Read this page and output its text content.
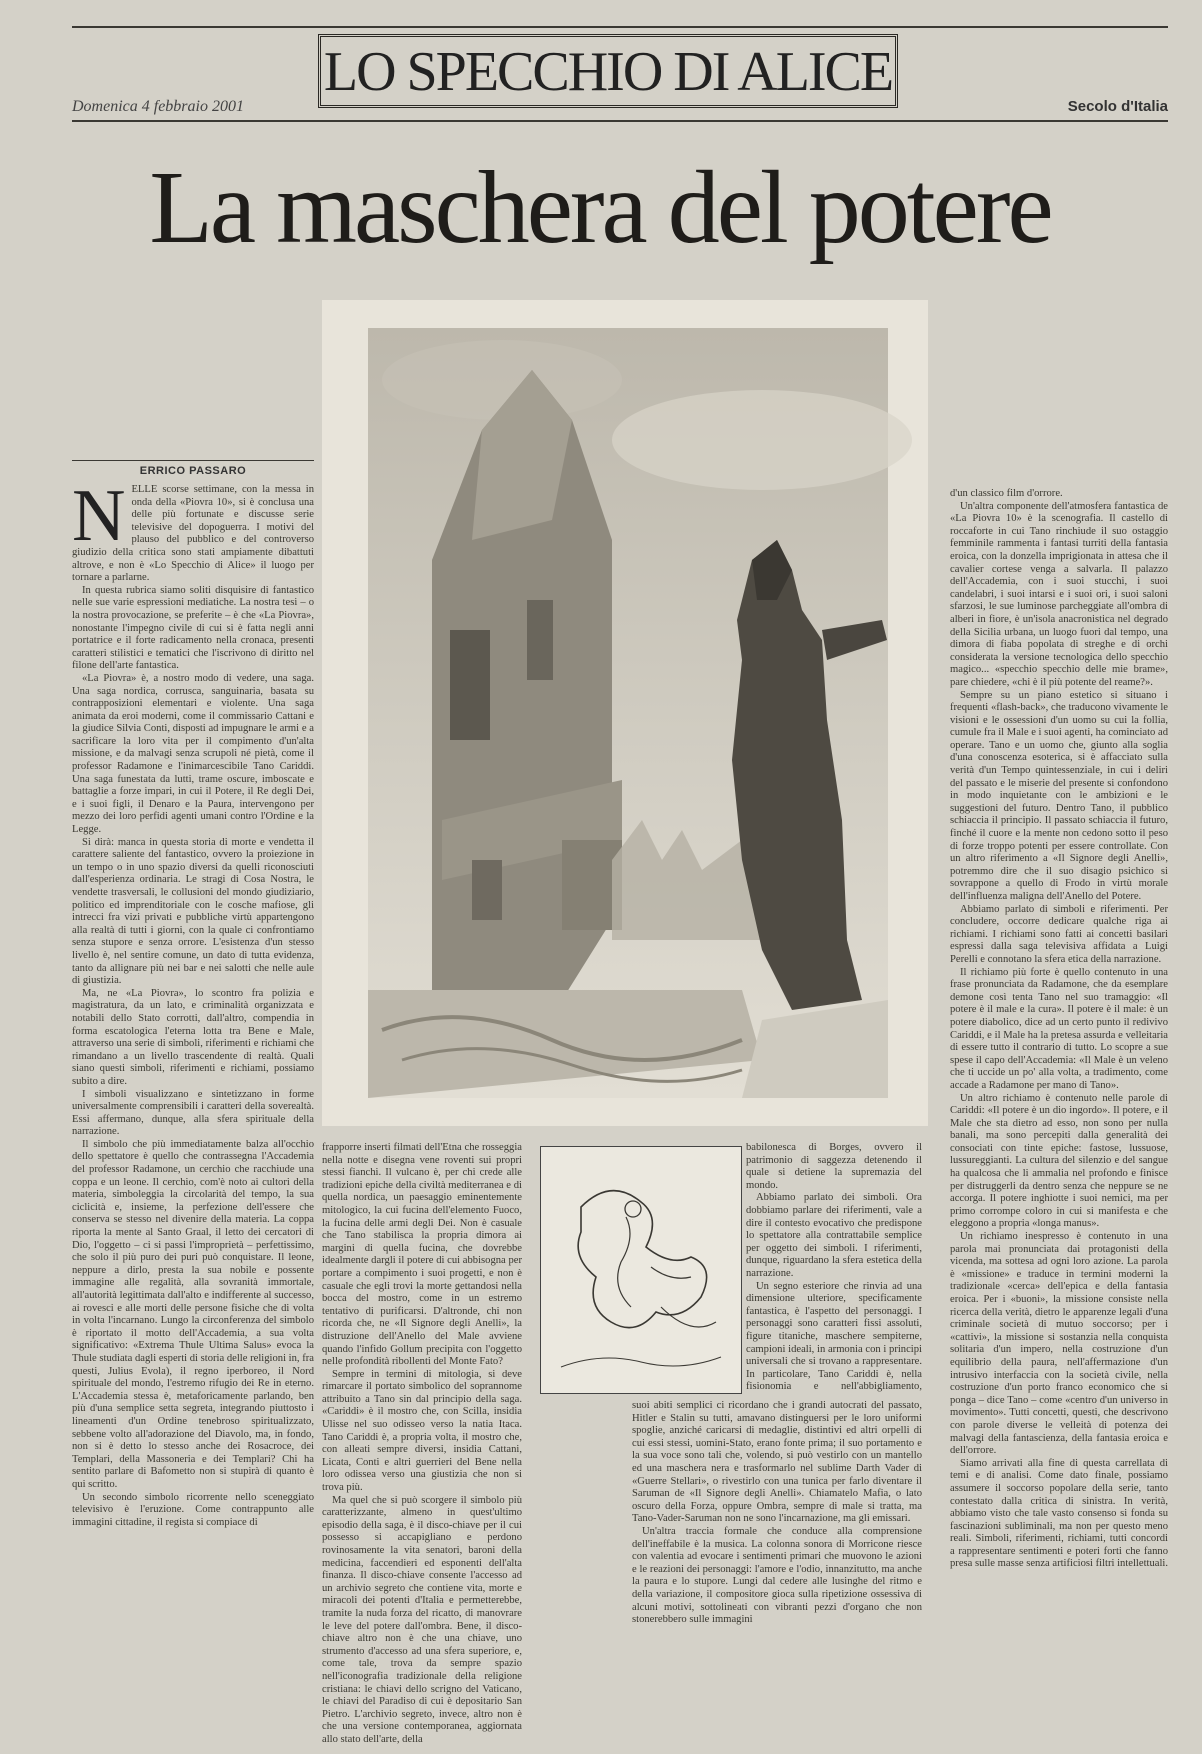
LO SPECCHIO DI ALICE
Domenica 4 febbraio 2001	Secolo d'Italia
La maschera del potere
ERRICO PASSARO
N ELLE scorse settimane, con la messa in onda della «Piovra 10», si è conclusa una delle più fortunate e discusse serie televisive del dopoguerra. I motivi del plauso del pubblico e del controverso giudizio della critica sono stati ampiamente dibattuti altrove, e non è «Lo Specchio di Alice» il luogo per tornare a parlarne.

In questa rubrica siamo soliti disquisire di fantastico nelle sue varie espressioni mediatiche. La nostra tesi – o la nostra provocazione, se preferite – è che «La Piovra», nonostante l'impegno civile di cui si è fatta negli anni portatrice e il forte radicamento nella cronaca, presenti caratteri stilistici e tematici che l'iscrivono di diritto nel filone dell'arte fantastica.

«La Piovra» è, a nostro modo di vedere, una saga. Una saga nordica, corrusca, sanguinaria, basata su contrapposizioni elementari e violente. Una saga animata da eroi moderni, come il commissario Cattani e la giudice Silvia Conti, disposti ad impugnare le armi e a sacrificare la loro vita per il compimento d'un'alta missione, e da malvagi senza scrupoli né pietà, come il professor Radamone e l'inimarcescibile Tano Cariddi. Una saga funestata da lutti, trame oscure, imboscate e battaglie a forze impari, in cui il Potere, il Re degli Dei, e i suoi figli, il Denaro e la Paura, intervengono per mezzo dei loro perfidi agenti umani contro l'Ordine e la Legge.

Si dirà: manca in questa storia di morte e vendetta il carattere saliente del fantastico, ovvero la proiezione in un tempo o in uno spazio diversi da quelli riconosciuti dall'esperienza ordinaria. Le stragi di Cosa Nostra, le vendette trasversali, le collusioni del mondo giudiziario, politico ed imprenditoriale con le cosche mafiose, gli intrecci fra vizi privati e pubbliche virtù appartengono alla realtà di tutti i giorni, con la quale ci confrontiamo senza stupore e senza orrore. L'esistenza d'un stesso livello è, nel sentire comune, un dato di tutta evidenza, tanto da allignare più nei bar e nei salotti che nelle aule di giustizia.

Ma, ne «La Piovra», lo scontro fra polizia e magistratura, da un lato, e criminalità organizzata e notabili dello Stato corrotti, dall'altro, compendia in forma escatologica l'eterna lotta tra Bene e Male, attraverso una serie di simboli, riferimenti e richiami che rimandano a un livello trascendente di realtà. Quali siano questi simboli, riferimenti e richiami, possiamo subito a dire.

I simboli visualizzano e sintetizzano in forme universalmente comprensibili i caratteri della soverealtà. Essi affermano, dunque, alla sfera spirituale della narrazione.

Il simbolo che più immediatamente balza all'occhio dello spettatore è quello che contrassegna l'Accademia del professor Radamone, un cerchio che racchiude una coppa e un leone. Il cerchio, com'è noto ai cultori della materia, simboleggia la circolarità del tempo, la sua ciclicità e, insieme, la perfezione dell'essere che conserva se stesso nel divenire della materia. La coppa riporta la mente al Santo Graal, il letto dei cercatori di Dio, l'oggetto – ci si passi l'improprietà – perfettissimo, che solo il più puro dei puri può conquistare. Il leone, neppure a dirlo, presta la sua nobile e possente immagine alle regalità, alla sovranità immortale, all'autorità legittimata dall'alto e indifferente al successo, ai rovesci e alle morti delle persone fisiche che di volta in volta l'incarnano. Lungo la circonferenza del simbolo è riportato il motto dell'Accademia, a sua volta significativo: «Extrema Thule Ultima Salus» evoca la Thule studiata dagli esperti di storia delle religioni in, fra questi, Julius Evola), il regno iperboreo, il Nord spirituale del mondo, l'estremo rifugio dei Re in eterno. L'Accademia stessa è, metaforicamente parlando, ben più d'una semplice setta segreta, integrando piuttosto i lineamenti d'un Ordine tenebroso spiritualizzato, sebbene volto all'adorazione del Diavolo, ma, in fondo, non si è detto lo stesso anche dei Rosacroce, dei Templari, della Massoneria e dei Templari? Chi ha sentito parlare di Bafometto non si stupirà di quanto è qui scritto.

Un secondo simbolo ricorrente nello sceneggiato televisivo è l'eruzione. Come contrappunto alle immagini cittadine, il regista si compiace di

frapporre inserti filmati dell'Etna che rosseggia nella notte e disegna vene roventi sui propri stessi fianchi. Il vulcano è, per chi crede alle tradizioni epiche della civiltà mediterranea e di quella nordica, un paesaggio eminentemente mitologico, la cui fucina dell'elemento Fuoco, la fucina delle armi degli Dei. Non è casuale che Tano stabilisca la propria dimora ai margini di quella fucina, che dovrebbe idealmente dargli il potere di cui abbisogna per portare a compimento i suoi progetti, e non è casuale che egli trovi la morte gettandosi nella bocca del mostro, come in un estremo tentativo di purificarsi. D'altronde, chi non ricorda che, ne «Il Signore degli Anelli», la distruzione dell'Anello del Male avviene quando l'infido Gollum precipita con l'oggetto nelle profondità ribollenti del Monte Fato?

Sempre in termini di mitologia, si deve rimarcare il portato simbolico del soprannome attribuito a Tano sin dal principio della saga. «Cariddi» è il mostro che, con Scilla, insidia Ulisse nel suo odisseo verso la natia Itaca. Tano Cariddi è, a propria volta, il mostro che, con alleati sempre diversi, insidia Cattani, Licata, Conti e altri guerrieri del Bene nella loro odissea verso una giustizia che non si trova più.

Ma quel che si può scorgere il simbolo più caratterizzante, almeno in quest'ultimo episodio della saga, è il disco-chiave per il cui possesso si accapigliano e perdono rovinosamente la vita senatori, baroni della medicina, faccendieri ed esponenti dell'alta finanza. Il disco-chiave consente l'accesso ad un archivio segreto che contiene vita, morte e miracoli dei potenti d'Italia e permetterebbe, tramite la nuda forza del ricatto, di manovrare le leve del potere dall'ombra. Bene, il disco-chiave altro non è che una chiave, uno strumento d'accesso ad una sfera superiore, e, come tale, trova da sempre spazio nell'iconografia tradizionale della religione cristiana: le chiavi dello scrigno del Vaticano, le chiavi del Paradiso di cui è depositario San Pietro. L'archivio segreto, invece, altro non è che una versione contemporanea, aggiornata allo stato dell'arte, della

babilonesca di Borges, ovvero il patrimonio di saggezza detenendo il quale si detiene la supremazia del mondo.

Abbiamo parlato dei simboli. Ora dobbiamo parlare dei riferimenti, vale a dire il contesto evocativo che predispone lo spettatore alla contrattabile semplice per oggetto dei simboli. I riferimenti, dunque, riguardano la sfera estetica della narrazione.

Un segno esteriore che rinvia ad una dimensione ulteriore, specificamente fantastica, è l'aspetto del personaggi. I personaggi sono caratteri fissi assoluti, figure titaniche, maschere sempiterne, campioni ideali, in armonia con i principi universali che si trovano a rappresentare. In particolare, Tano Cariddi è, nella fisionomia e nell'abbigliamento,

suoi abiti semplici ci ricordano che i grandi autocrati del passato, Hitler e Stalin su tutti, amavano distinguersi per le loro uniformi spoglie, anziché caricarsi di medaglie, distintivi ed altri orpelli di cui essi stessi, uomini-Stato, erano fonte prima; il suo portamento e la sua voce sono tali che, volendo, si può vestirlo con un mantello ed una maschera nera e trasformarlo nel sublime Darth Vader di «Guerre Stellari», o rivestirlo con una tunica per farlo diventare il Saruman de «Il Signore degli Anelli». Chiamatelo Mafia, o lato oscuro della Forza, oppure Ombra, sempre di male si tratta, ma Tano-Vader-Saruman non ne sono l'incarnazione, ma gli emissari.

Un'altra traccia formale che conduce alla comprensione dell'ineffabile è la musica. La colonna sonora di Morricone riesce con valentia ad evocare i sentimenti primari che muovono le azioni e le reazioni dei personaggi: l'amore e l'odio, innanzitutto, ma anche la paura e lo stupore. Lungi dal cedere alle lusinghe del ritmo e della variazione, il compositore gioca sulla ripetizione ossessiva di alcuni motivi, sottolineati con vibranti pezzi d'organo che non stonerebbero sulle immagini

d'un classico film d'orrore.

Un'altra componente dell'atmosfera fantastica de «La Piovra 10» è la scenografia. Il castello di roccaforte in cui Tano rinchiude il suo ostaggio femminile rammenta i fantasi turriti della fantasia eroica, con la donzella imprigionata in attesa che il cavalier cortese venga a salvarla. Il palazzo dell'Accademia, con i suoi stucchi, i suoi candelabri, i suoi intarsi e i suoi ori, i suoi saloni sfarzosi, le sue luminose parcheggiate all'ombra di alberi in fiore, è un'isola anacronistica nel degrado della Sicilia urbana, un luogo fuori dal tempo, una dimora di fiaba popolata di streghe e di orchi considerata la versione tecnologica dello specchio magico... «specchio specchio delle mie brame», pare chiedere, «chi è il più potente del reame?».

Sempre su un piano estetico si situano i frequenti «flash-back», che traducono vivamente le visioni e le ossessioni d'un uomo su cui la follia, cumule fra il Male e i suoi agenti, ha cominciato ad operare. Tano e un uomo che, giunto alla soglia d'una conoscenza esoterica, si è affacciato sulla verità d'un Tempo quintessenziale, in cui i deliri del passato e le miserie del presente si confondono in modo inquietante con le ambizioni e le suggestioni del futuro. Dentro Tano, il pubblico schiaccia il principio. Il passato schiaccia il futuro, finché il cuore e la mente non cedono sotto il peso di forze troppo potenti per essere controllate. Con un altro riferimento a «Il Signore degli Anelli», potremmo dire che il suo disagio psichico si sovrappone a quello di Frodo in virtù morale dell'influenza maligna dell'Anello del Potere.

Abbiamo parlato di simboli e riferimenti. Per concludere, occorre dedicare qualche riga ai richiami. I richiami sono fatti ai concetti basilari espressi dalla saga televisiva affidata a Luigi Perelli e connotano la sfera etica della narrazione.

Il richiamo più forte è quello contenuto in una frase pronunciata da Radamone, che da esemplare demone così tenta Tano nel suo tramaggio: «Il potere è il male e la cura». Il potere è il male: è un potere diabolico, dice ad un certo punto il redivivo Cariddi, e il Male ha la pretesa assurda e velleitaria di essere tutto il contrario di tutto. Lo scopre a sue spese il capo dell'Accademia: «Il Male è un veleno che ti uccide un po' alla volta, a tradimento, come accade a Radamone per mano di Tano».

Un altro richiamo è contenuto nelle parole di Cariddi: «Il potere è un dio ingordo». Il potere, e il Male che sta dietro ad esso, non sono per nulla banali, ma sono percepiti dalla generalità dei consociati con tinte epiche: fastose, lussuose, lussureggianti. La cultura del silenzio e del sangue ha qualcosa che li ammalia nel profondo e finisce per distruggerli da dentro senza che neppure se ne accorga. Il potere inghiotte i suoi nemici, ma per primo corrompe coloro in cui si manifesta e che eleggono a propria «longa manus».

Un richiamo inespresso è contenuto in una parola mai pronunciata dai protagonisti della vicenda, ma sottesa ad ogni loro azione. La parola è «missione» e traduce in termini moderni la tradizionale «cerca» dell'epica e della fantasia eroica. Per i «buoni», la missione consiste nella ricerca della verità, dietro le apparenze legali d'una criminale società di mutuo soccorso; per i «cattivi», la missione si sostanzia nella conquista solitaria d'un impero, nella costruzione d'un equilibrio della paura, nell'affermazione d'un intrusivo interfaccia con la società civile, nella costruzione d'un porto franco economico che si ponga – dice Tano – come «centro d'un universo in movimento». Tutti concetti, questi, che descrivono con parole diverse le velleità di potenza dei malvagi della fantascienza, della fantasia eroica e dell'orrore.

Siamo arrivati alla fine di questa carrellata di temi e di analisi. Come dato finale, possiamo assumere il soccorso popolare della serie, tanto contestato dalla critica di sinistra. In verità, abbiamo visto che tale vasto consenso si fonda su fascinazioni subliminali, ma non per questo meno reali. Simboli, riferimenti, richiami, tutti concordi a rappresentare sentimenti e poteri forti che fanno presa sulle masse senza artificiosi filtri intellettuali.
